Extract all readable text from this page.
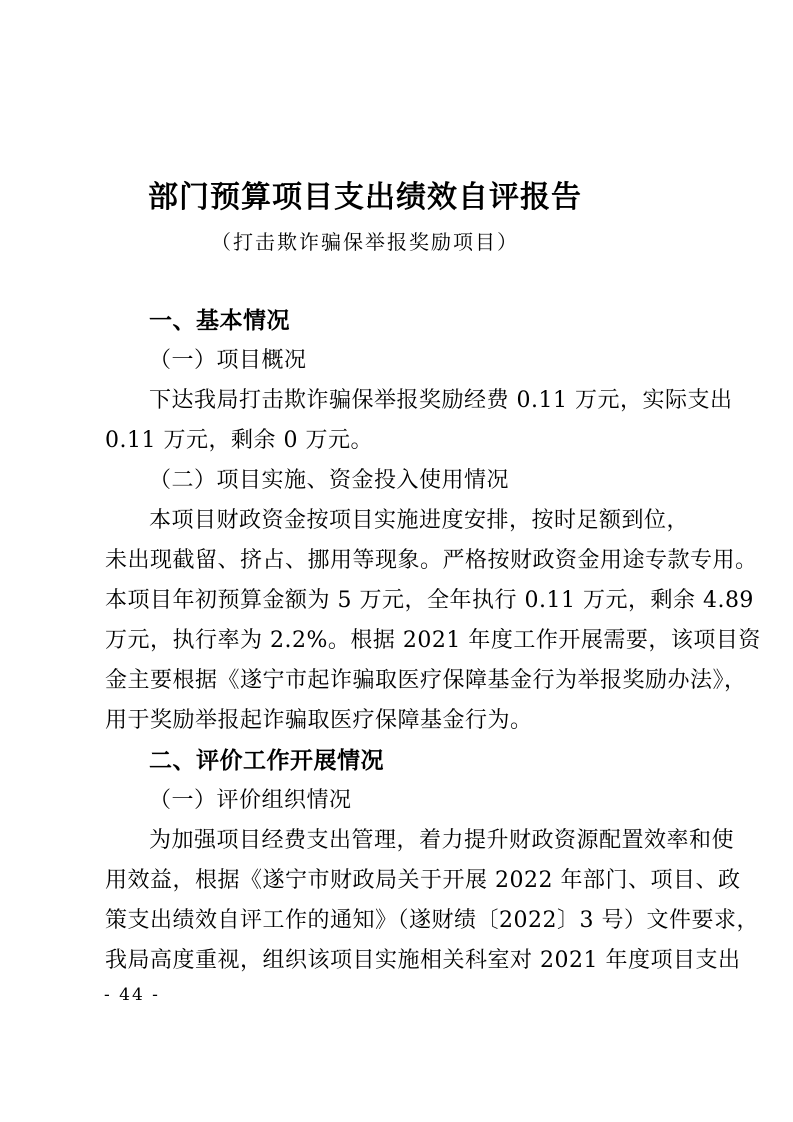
部门预算项目支出绩效自评报告
（打击欺诈骗保举报奖励项目）
一、基本情况
（一）项目概况
下达我局打击欺诈骗保举报奖励经费 0.11 万元，实际支出
0.11 万元，剩余 0 万元。
（二）项目实施、资金投入使用情况
本项目财政资金按项目实施进度安排，按时足额到位，
未出现截留、挤占、挪用等现象。严格按财政资金用途专款专用。
本项目年初预算金额为 5 万元，全年执行 0.11 万元，剩余 4.89
万元，执行率为 2.2%。根据 2021 年度工作开展需要，该项目资
金主要根据《遂宁市起诈骗取医疗保障基金行为举报奖励办法》，
用于奖励举报起诈骗取医疗保障基金行为。
二、评价工作开展情况
（一）评价组织情况
为加强项目经费支出管理，着力提升财政资源配置效率和使
用效益，根据《遂宁市财政局关于开展 2022 年部门、项目、政
策支出绩效自评工作的通知》（遂财绩〔2022〕3 号）文件要求，
我局高度重视，组织该项目实施相关科室对 2021 年度项目支出
- 44 -
